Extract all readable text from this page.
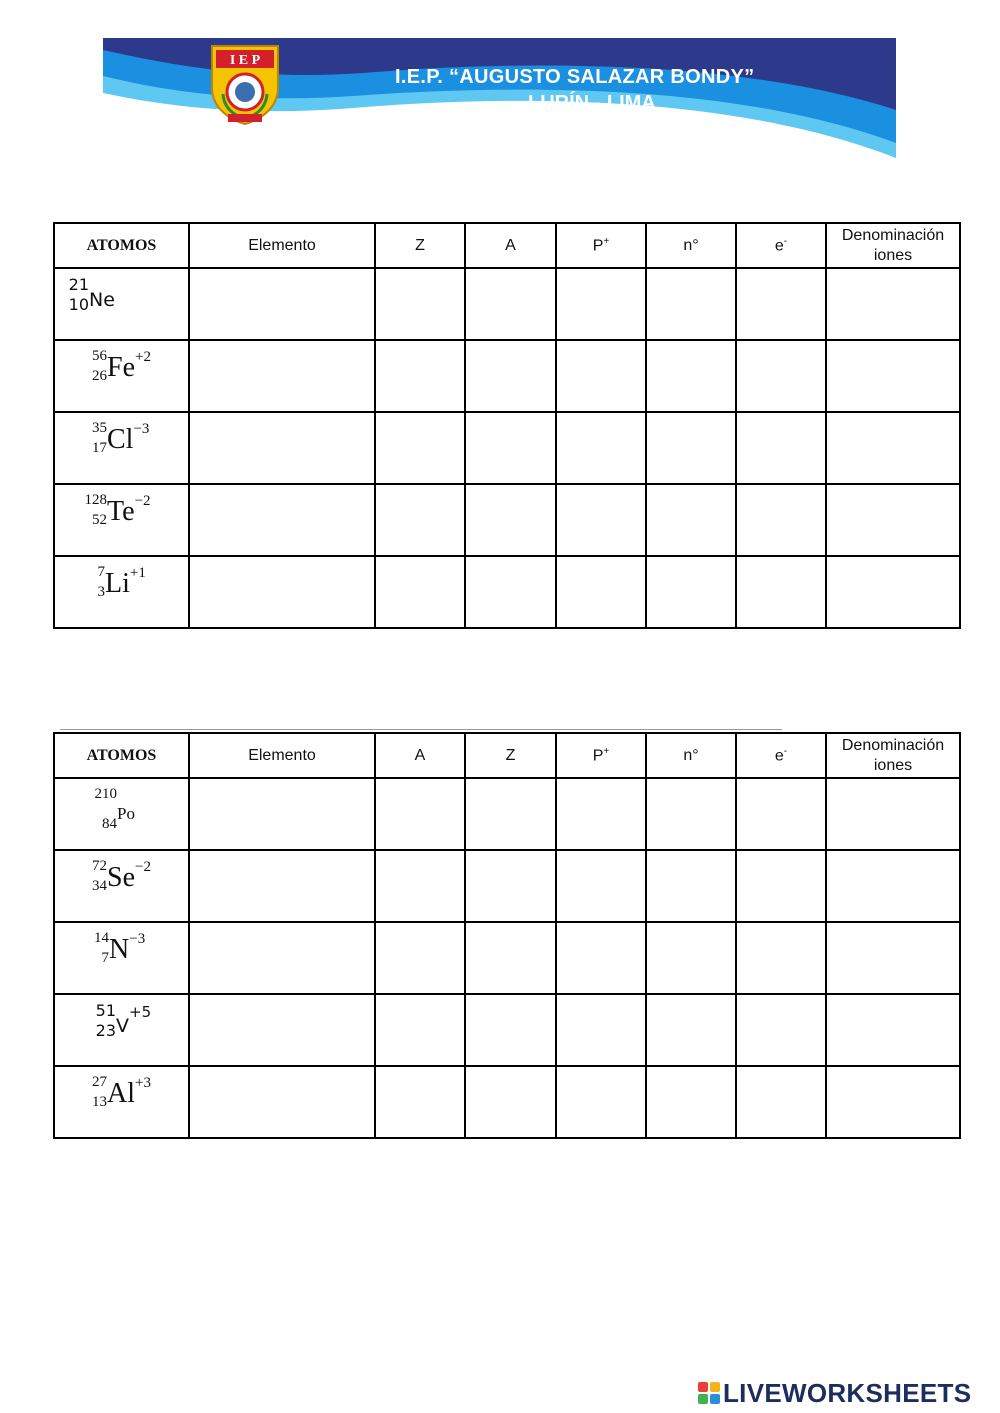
I E P
I.E.P. “AUGUSTO SALAZAR BONDY”
LURÍN - LIMA
ATOMOS	Elemento	Z	A	P+	n°	e-	Denominación
iones

21
10 Ne							

56
26 Fe+2							

35
17 Cl−3							

128
52 Te−2							

7
3 Li+1							

ATOMOS	Elemento	A	Z	P+	n°	e-	Denominación
iones

210
84
Po							

72
34 Se−2							

14
7 N−3							

51
23 V+5							

27
13 Al+3							

LIVEWORKSHEETS
